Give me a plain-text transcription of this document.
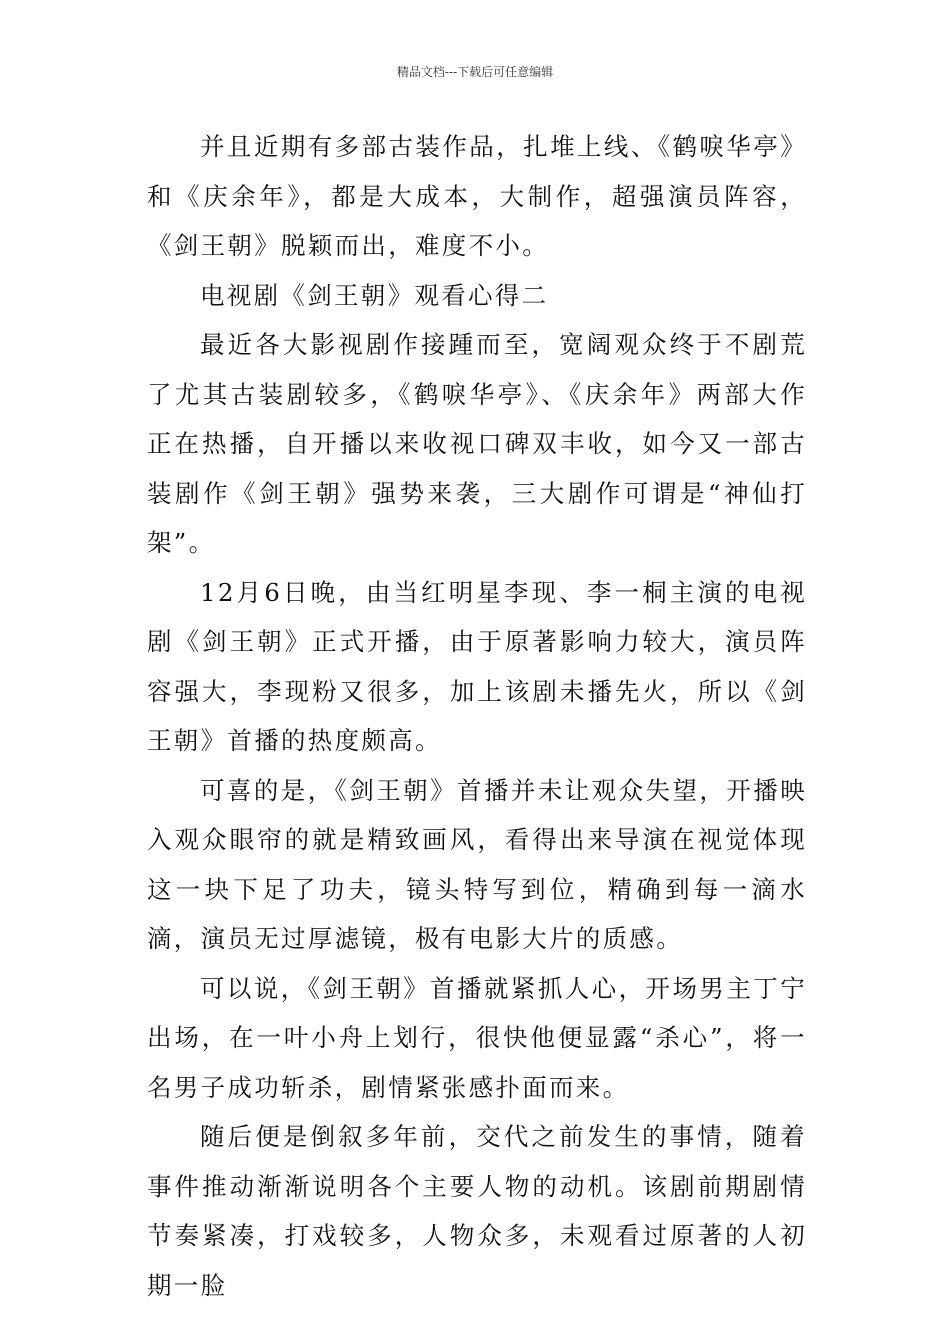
精品文档---下载后可任意编辑

并且近期有多部古装作品，扎堆上线、《鹤唳华亭》和《庆余年》，都是大成本，大制作，超强演员阵容，《剑王朝》脱颖而出，难度不小。

电视剧《剑王朝》观看心得二

最近各大影视剧作接踵而至，宽阔观众终于不剧荒了尤其古装剧较多，《鹤唳华亭》、《庆余年》两部大作正在热播，自开播以来收视口碑双丰收，如今又一部古装剧作《剑王朝》强势来袭，三大剧作可谓是“神仙打架”。

12月6日晚，由当红明星李现、李一桐主演的电视剧《剑王朝》正式开播，由于原著影响力较大，演员阵容强大，李现粉又很多，加上该剧未播先火，所以《剑王朝》首播的热度颇高。

可喜的是，《剑王朝》首播并未让观众失望，开播映入观众眼帘的就是精致画风，看得出来导演在视觉体现这一块下足了功夫，镜头特写到位，精确到每一滴水滴，演员无过厚滤镜，极有电影大片的质感。

可以说，《剑王朝》首播就紧抓人心，开场男主丁宁出场，在一叶小舟上划行，很快他便显露“杀心”，将一名男子成功斩杀，剧情紧张感扑面而来。

随后便是倒叙多年前，交代之前发生的事情，随着事件推动渐渐说明各个主要人物的动机。该剧前期剧情节奏紧凑，打戏较多，人物众多，未观看过原著的人初期一脸
